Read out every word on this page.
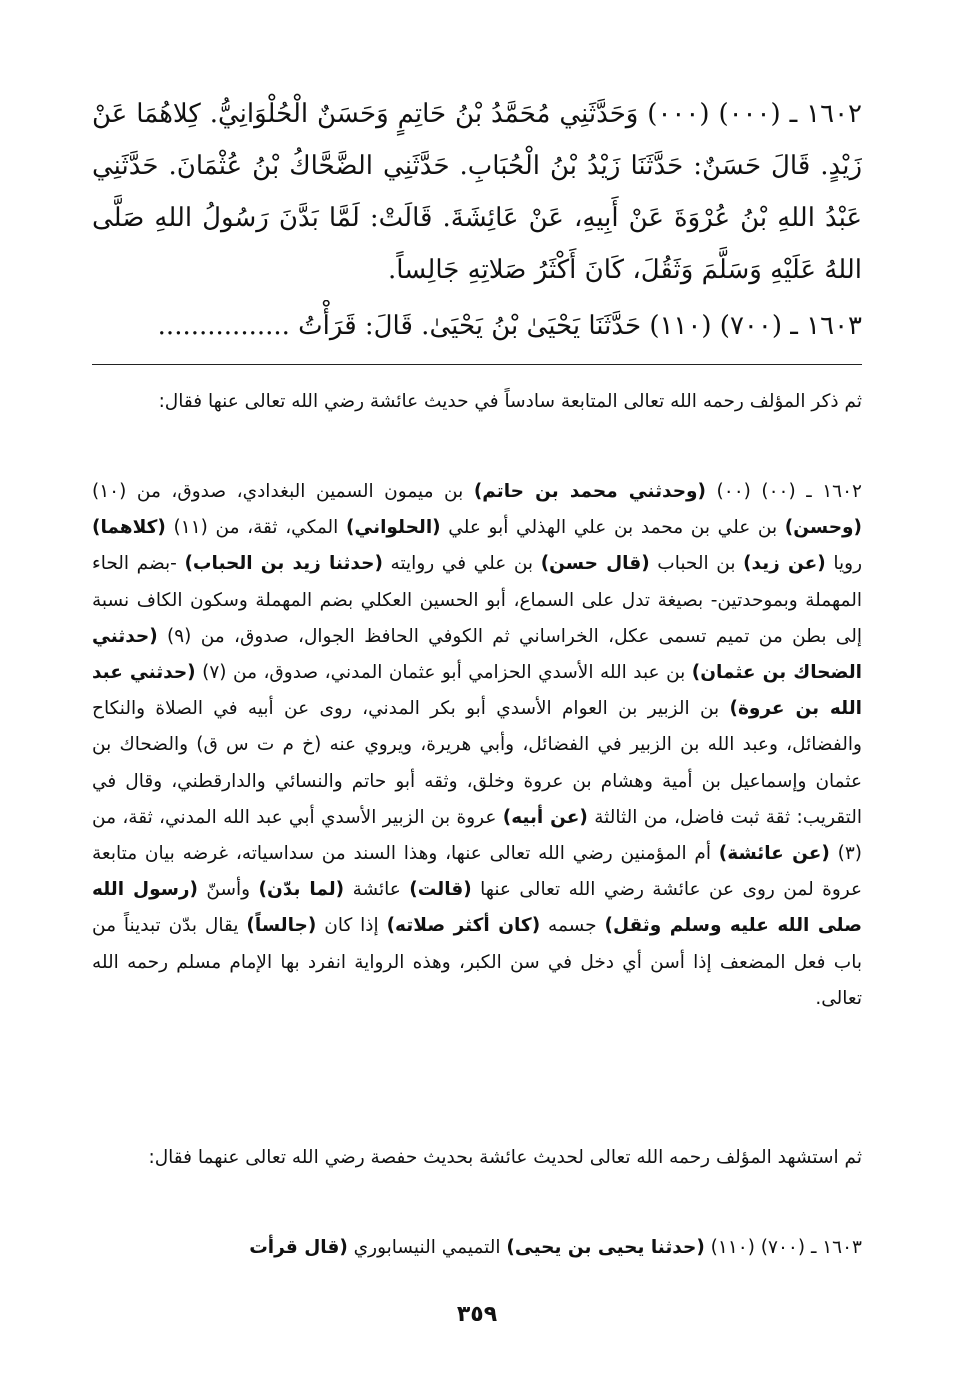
١٦٠٢ ـ (٠٠٠) (٠٠٠) وَحَدَّثَنِي مُحَمَّدُ بْنُ حَاتِمٍ وَحَسَنٌ الْحُلْوَانِيُّ. كِلاهُمَا عَنْ زَيْدٍ. قَالَ حَسَنٌ: حَدَّثَنَا زَيْدُ بْنُ الْحُبَابِ. حَدَّثَنِي الضَّحَّاكُ بْنُ عُثْمَانَ. حَدَّثَنِي عَبْدُ اللهِ بْنُ عُرْوَةَ عَنْ أَبِيهِ، عَنْ عَائِشَةَ. قَالَتْ: لَمَّا بَدَّنَ رَسُولُ اللهِ صَلَّى اللهُ عَلَيْهِ وَسَلَّمَ وَثَقُلَ، كَانَ أَكْثَرُ صَلاتِهِ جَالِساً.

١٦٠٣ ـ (٧٠٠) (١١٠) حَدَّثَنَا يَحْيَىٰ بْنُ يَحْيَىٰ. قَالَ: قَرَأْتُ ................

ثم ذكر المؤلف رحمه الله تعالى المتابعة سادساً في حديث عائشة رضي الله تعالى عنها فقال:

١٦٠٢ ـ (٠٠) (٠٠) (وحدثني محمد بن حاتم) بن ميمون السمين البغدادي، صدوق، من (١٠) (وحسن) بن علي بن محمد بن علي الهذلي أبو علي (الحلواني) المكي، ثقة، من (١١) (كلاهما) رويا (عن زيد) بن الحباب (قال حسن) بن علي في روايته (حدثنا زيد بن الحباب) -بضم الحاء المهملة وبموحدتين- بصيغة تدل على السماع، أبو الحسين العكلي بضم المهملة وسكون الكاف نسبة إلى بطن من تميم تسمى عكل، الخراساني ثم الكوفي الحافظ الجوال، صدوق، من (٩) (حدثني الضحاك بن عثمان) بن عبد الله الأسدي الحزامي أبو عثمان المدني، صدوق، من (٧) (حدثني عبد الله بن عروة) بن الزبير بن العوام الأسدي أبو بكر المدني، روى عن أبيه في الصلاة والنكاح والفضائل، وعبد الله بن الزبير في الفضائل، وأبي هريرة، ويروي عنه (خ م ت س ق) والضحاك بن عثمان وإسماعيل بن أمية وهشام بن عروة وخلق، وثقه أبو حاتم والنسائي والدارقطني، وقال في التقريب: ثقة ثبت فاضل، من الثالثة (عن أبيه) عروة بن الزبير الأسدي أبي عبد الله المدني، ثقة، من (٣) (عن عائشة) أم المؤمنين رضي الله تعالى عنها، وهذا السند من سداسياته، غرضه بيان متابعة عروة لمن روى عن عائشة رضي الله تعالى عنها (قالت) عائشة (لما بدّن) وأسنّ (رسول الله صلى الله عليه وسلم وثقل) جسمه (كان أكثر صلاته) إذا كان (جالساً) يقال بدّن تبديناً من باب فعل المضعف إذا أسن أي دخل في سن الكبر، وهذه الرواية انفرد بها الإمام مسلم رحمه الله تعالى.

ثم استشهد المؤلف رحمه الله تعالى لحديث عائشة بحديث حفصة رضي الله تعالى عنهما فقال:

١٦٠٣ ـ (٧٠٠) (١١٠) (حدثنا يحيى بن يحيى) التميمي النيسابوري (قال قرأت

٣٥٩
